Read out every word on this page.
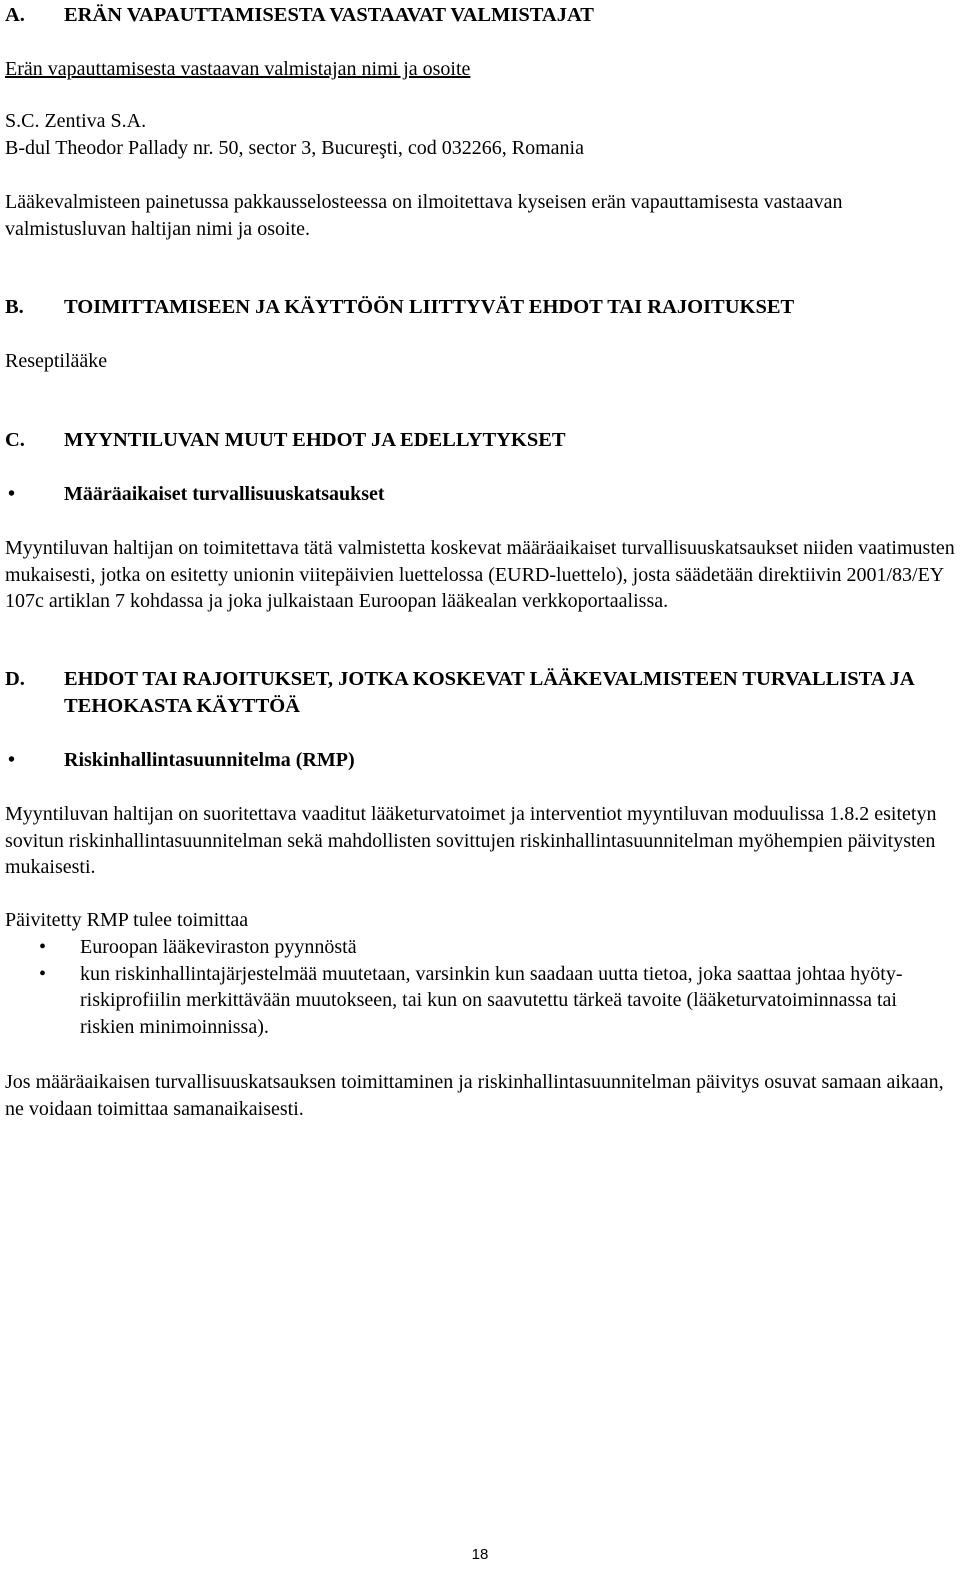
A. ERÄN VAPAUTTAMISESTA VASTAAVAT VALMISTAJAT
Erän vapauttamisesta vastaavan valmistajan nimi ja osoite
S.C. Zentiva S.A.
B-dul Theodor Pallady nr. 50, sector 3, Bucureşti, cod 032266, Romania
Lääkevalmisteen painetussa pakkausselosteessa on ilmoitettava kyseisen erän vapauttamisesta vastaavan valmistusluvan haltijan nimi ja osoite.
B. TOIMITTAMISEEN JA KÄYTTÖÖN LIITTYVÄT EHDOT TAI RAJOITUKSET
Reseptilääke
C. MYYNTILUVAN MUUT EHDOT JA EDELLYTYKSET
• Määräaikaiset turvallisuuskatsaukset
Myyntiluvan haltijan on toimitettava tätä valmistetta koskevat määräaikaiset turvallisuuskatsaukset niiden vaatimusten mukaisesti, jotka on esitetty unionin viitepäivien luettelossa (EURD-luettelo), josta säädetään direktiivin 2001/83/EY 107c artiklan 7 kohdassa ja joka julkaistaan Euroopan lääkealan verkkoportaalissa.
D. EHDOT TAI RAJOITUKSET, JOTKA KOSKEVAT LÄÄKEVALMISTEEN TURVALLISTA JA TEHOKASTA KÄYTTÖÄ
• Riskinhallintasuunnitelma (RMP)
Myyntiluvan haltijan on suoritettava vaaditut lääketurvatoimet ja interventiot myyntiluvan moduulissa 1.8.2 esitetyn sovitun riskinhallintasuunnitelman sekä mahdollisten sovittujen riskinhallintasuunnitelman myöhempien päivitysten mukaisesti.
Päivitetty RMP tulee toimittaa
• Euroopan lääkeviraston pyynnöstä
• kun riskinhallintajärjestelmää muutetaan, varsinkin kun saadaan uutta tietoa, joka saattaa johtaa hyöty-riskiprofiilin merkittävään muutokseen, tai kun on saavutettu tärkeä tavoite (lääketurvatoiminnassa tai riskien minimoinnissa).
Jos määräaikaisen turvallisuuskatsauksen toimittaminen ja riskinhallintasuunnitelman päivitys osuvat samaan aikaan, ne voidaan toimittaa samanaikaisesti.
18
